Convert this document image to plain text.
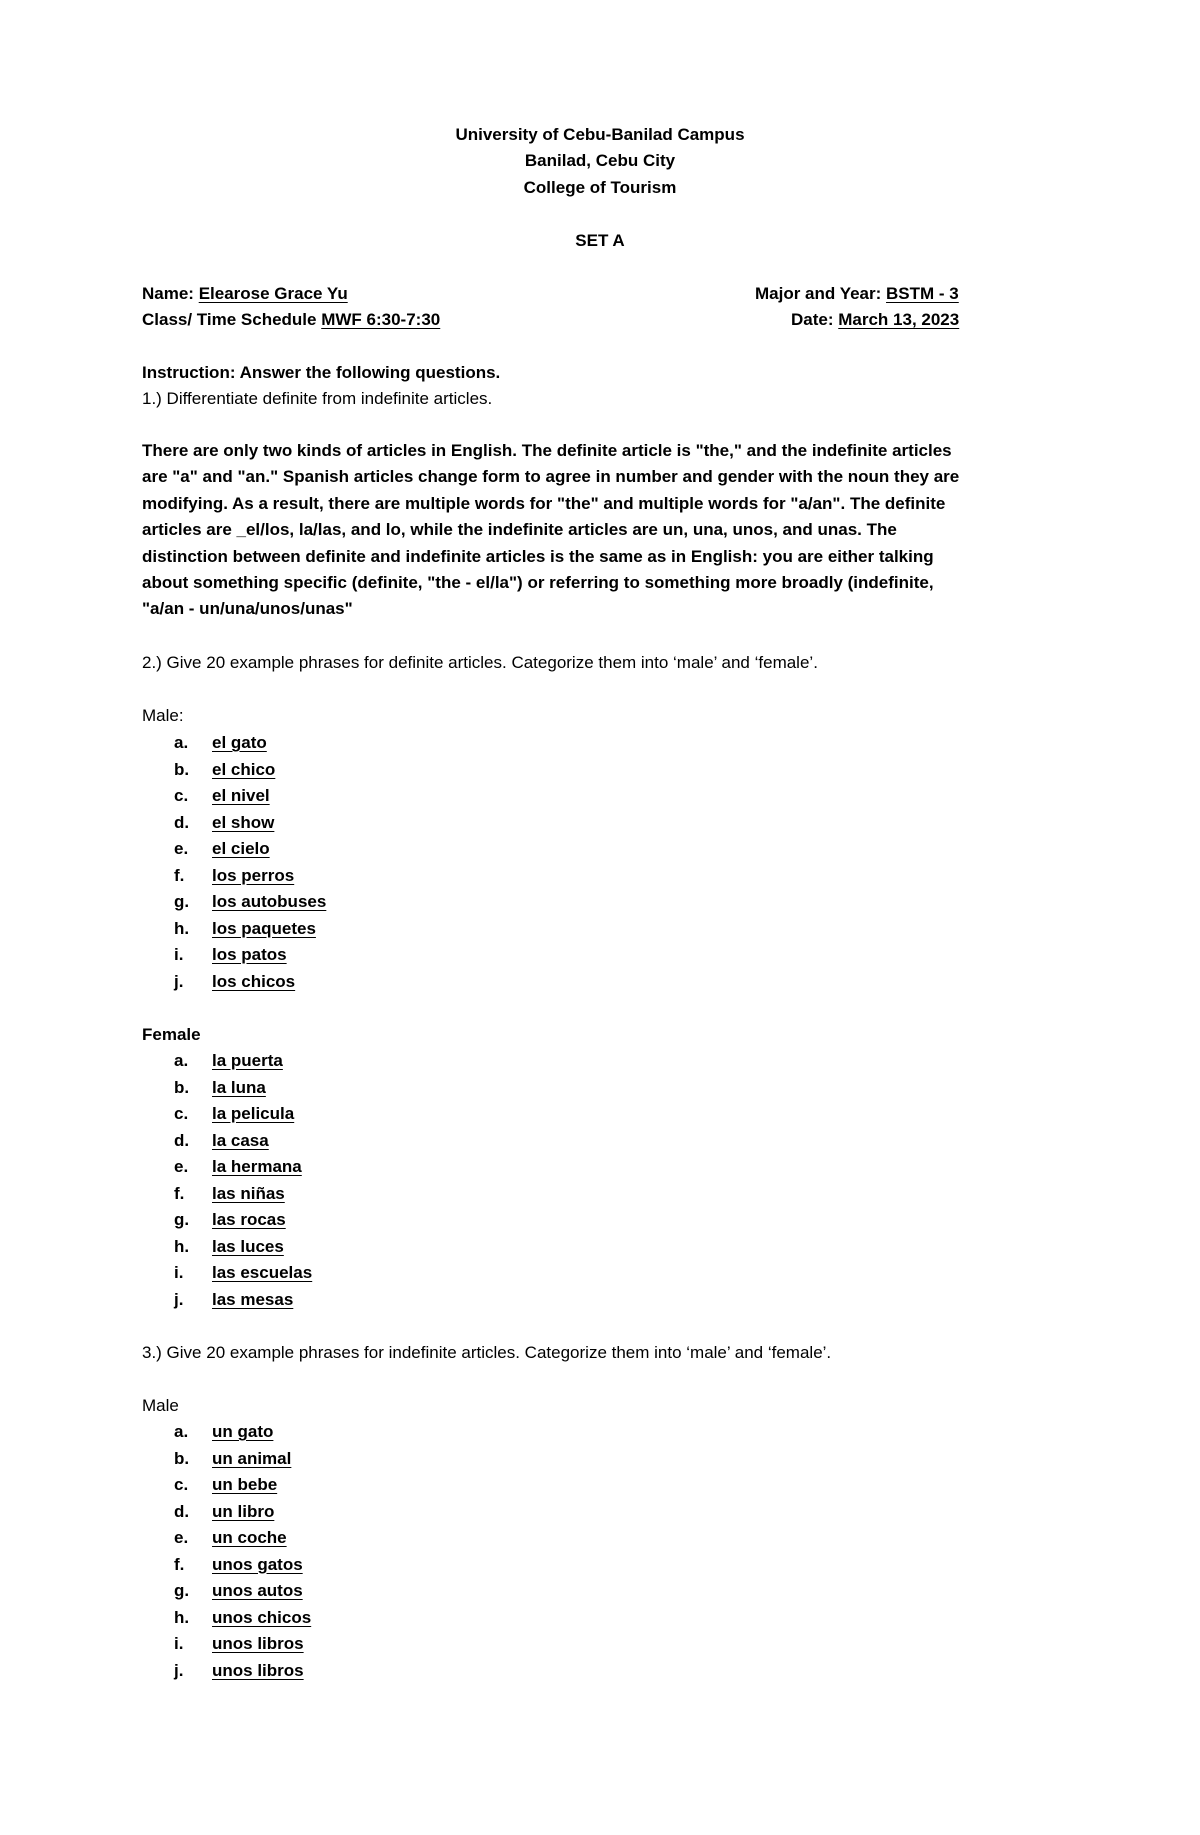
University of Cebu-Banilad Campus
Banilad, Cebu City
College of Tourism
SET A
Name: Elearose Grace Yu
Class/ Time Schedule MWF 6:30-7:30
Major and Year: BSTM - 3
Date: March 13, 2023
Instruction: Answer the following questions.
1.) Differentiate definite from indefinite articles.
There are only two kinds of articles in English. The definite article is "the," and the indefinite articles
are "a" and "an." Spanish articles change form to agree in number and gender with the noun they are
modifying. As a result, there are multiple words for "the" and multiple words for "a/an". The definite
articles are _el/los, la/las, and lo, while the indefinite articles are un, una, unos, and unas. The
distinction between definite and indefinite articles is the same as in English: you are either talking
about something specific (definite, "the - el/la") or referring to something more broadly (indefinite,
"a/an - un/una/unos/unas"
2.) Give 20 example phrases for definite articles. Categorize them into ‘male’ and ‘female’.
Male:
a.	el gato
b. el chico
c.	el nivel
d. el show
e.	el cielo
f.	los perros
g. los autobuses
h. los paquetes
i.	los patos
j.	los chicos
Female
a.	la puerta
b. la luna
c.	la pelicula
d. la casa
e.	la hermana
f.	las niñas
g. las rocas
h. las luces
i.	las escuelas
j.	las mesas
3.) Give 20 example phrases for indefinite articles. Categorize them into ‘male’ and ‘female’.
Male
a.	un gato
b. un animal
c.	un bebe
d. un libro
e.	un coche
f.	unos gatos
g. unos autos
h. unos chicos
i.	unos libros
j.	unos libros
